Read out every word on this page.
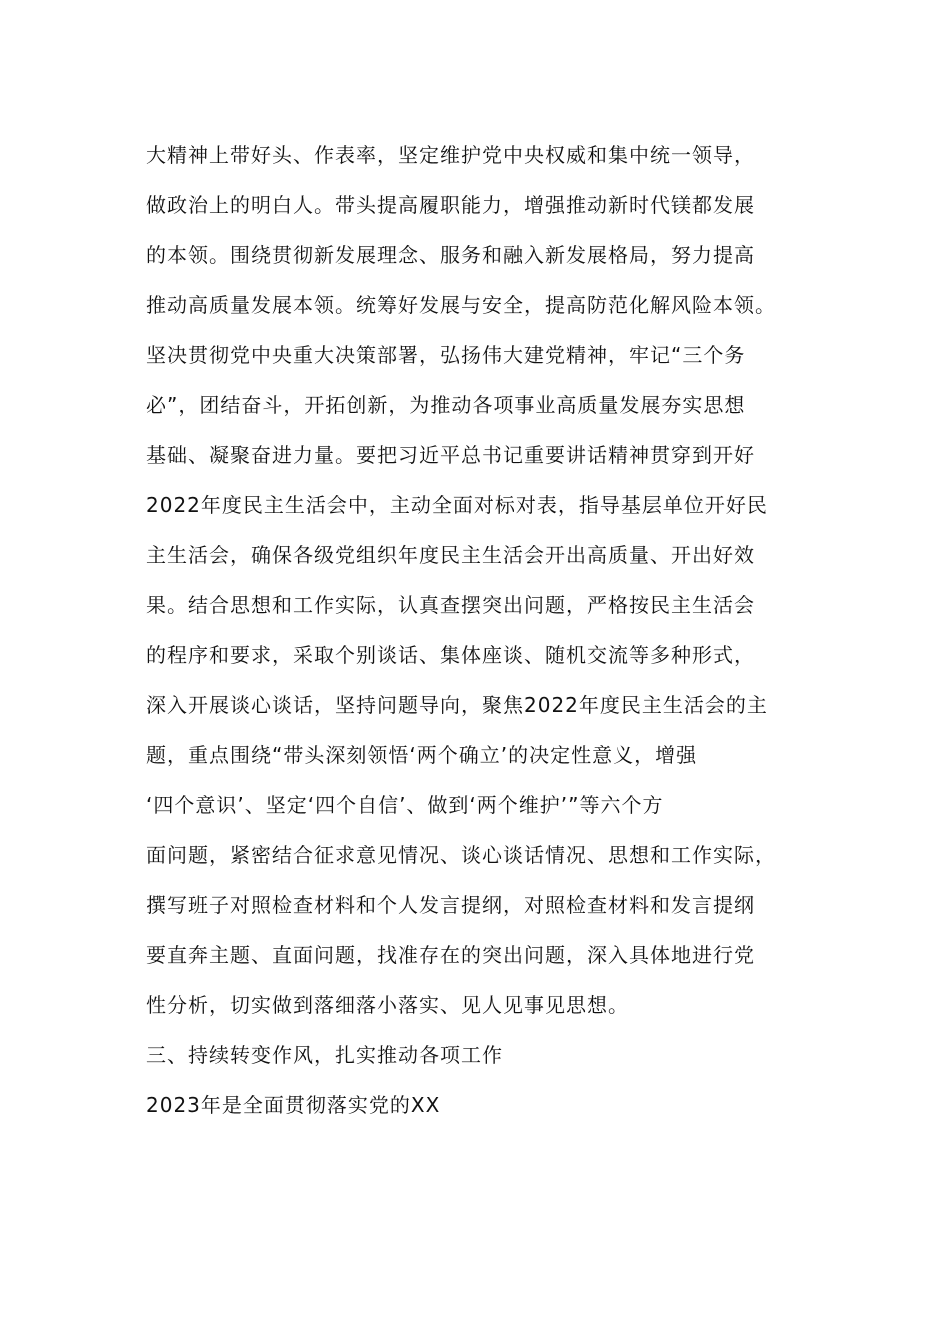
大精神上带好头、作表率，坚定维护党中央权威和集中统一领导，
做政治上的明白人。带头提高履职能力，增强推动新时代镁都发展
的本领。围绕贯彻新发展理念、服务和融入新发展格局，努力提高
推动高质量发展本领。统筹好发展与安全，提高防范化解风险本领。
坚决贯彻党中央重大决策部署，弘扬伟大建党精神，牢记“三个务
必”，团结奋斗，开拓创新，为推动各项事业高质量发展夯实思想
基础、凝聚奋进力量。要把习近平总书记重要讲话精神贯穿到开好
2022年度民主生活会中，主动全面对标对表，指导基层单位开好民
主生活会，确保各级党组织年度民主生活会开出高质量、开出好效
果。结合思想和工作实际，认真查摆突出问题，严格按民主生活会
的程序和要求，采取个别谈话、集体座谈、随机交流等多种形式，
深入开展谈心谈话，坚持问题导向，聚焦2022年度民主生活会的主
题，重点围绕“带头深刻领悟‘两个确立’的决定性意义，增强
‘四个意识’、坚定‘四个自信’、做到‘两个维护’”等六个方
面问题，紧密结合征求意见情况、谈心谈话情况、思想和工作实际，
撰写班子对照检查材料和个人发言提纲，对照检查材料和发言提纲
要直奔主题、直面问题，找准存在的突出问题，深入具体地进行党
性分析，切实做到落细落小落实、见人见事见思想。
三、持续转变作风，扎实推动各项工作
2023年是全面贯彻落实党的XX
